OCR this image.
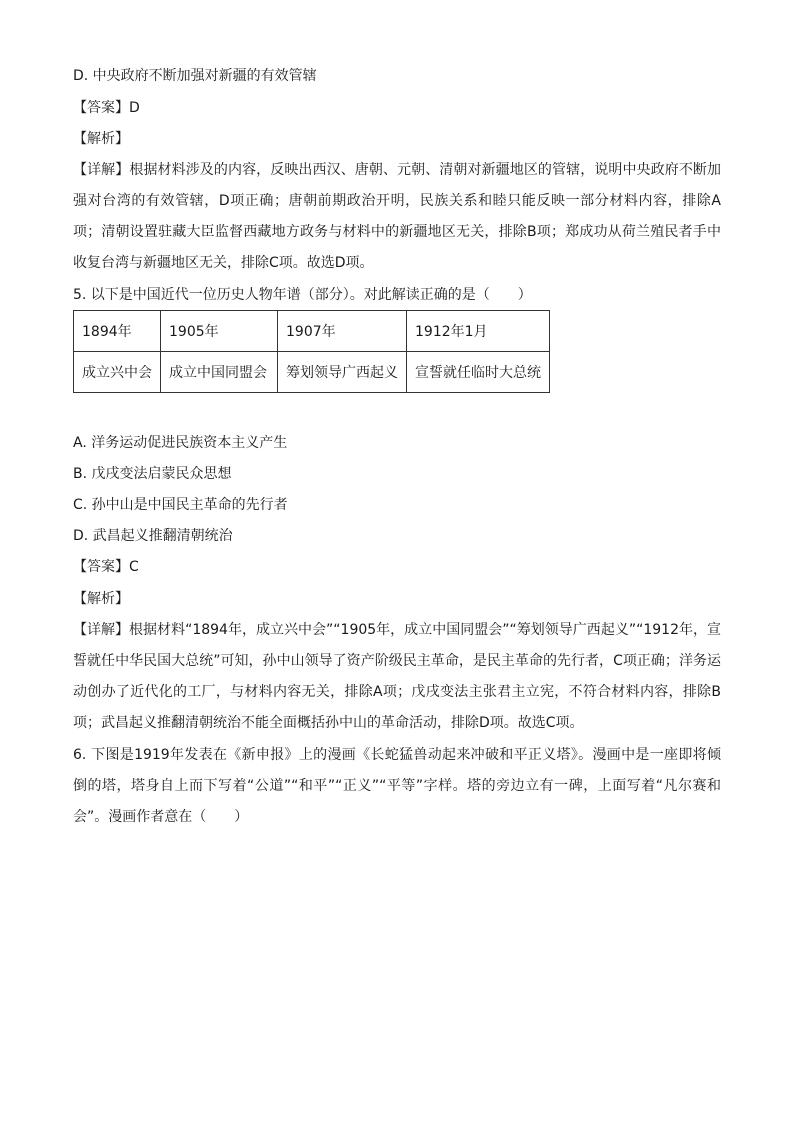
D. 中央政府不断加强对新疆的有效管辖
【答案】D
【解析】
【详解】根据材料涉及的内容，反映出西汉、唐朝、元朝、清朝对新疆地区的管辖，说明中央政府不断加强对台湾的有效管辖，D项正确；唐朝前期政治开明，民族关系和睦只能反映一部分材料内容，排除A项；清朝设置驻藏大臣监督西藏地方政务与材料中的新疆地区无关，排除B项；郑成功从荷兰殖民者手中收复台湾与新疆地区无关，排除C项。故选D项。
5. 以下是中国近代一位历史人物年谱（部分）。对此解读正确的是（　　）
1894年	1905年	1907年	1912年1月
成立兴中会	成立中国同盟会	筹划领导广西起义	宣誓就任临时大总统
A. 洋务运动促进民族资本主义产生
B. 戊戌变法启蒙民众思想
C. 孙中山是中国民主革命的先行者
D. 武昌起义推翻清朝统治
【答案】C
【解析】
【详解】根据材料“1894年，成立兴中会”“1905年，成立中国同盟会”“筹划领导广西起义”“1912年，宣誓就任中华民国大总统”可知，孙中山领导了资产阶级民主革命，是民主革命的先行者，C项正确；洋务运动创办了近代化的工厂，与材料内容无关，排除A项；戊戌变法主张君主立宪，不符合材料内容，排除B项；武昌起义推翻清朝统治不能全面概括孙中山的革命活动，排除D项。故选C项。
6. 下图是1919年发表在《新申报》上的漫画《长蛇猛兽动起来冲破和平正义塔》。漫画中是一座即将倾倒的塔，塔身自上而下写着“公道”“和平”“正义”“平等”字样。塔的旁边立有一碑，上面写着“凡尔赛和会”。漫画作者意在（　　）
